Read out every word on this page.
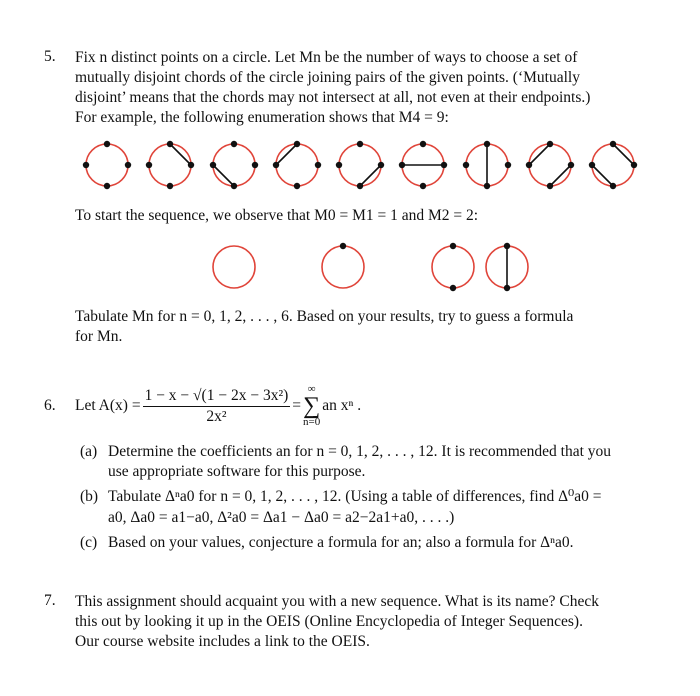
5. Fix n distinct points on a circle. Let Mn be the number of ways to choose a set of
mutually disjoint chords of the circle joining pairs of the given points. (‘Mutually
disjoint’ means that the chords may not intersect at all, not even at their endpoints.)
For example, the following enumeration shows that M4 = 9:
To start the sequence, we observe that M0 = M1 = 1 and M2 = 2:
Tabulate Mn for n = 0, 1, 2, . . . , 6. Based on your results, try to guess a formula
for Mn.
6. Let $A(x) = \frac{\text{1 − x − √(1 − 2x − 3x²)}}{\text{2x²}}$ =
∞
∑
n=0
an xⁿ .
(a) Determine the coefficients an for n = 0, 1, 2, . . . , 12. It is recommended that you
use appropriate software for this purpose.
(b) Tabulate Δⁿa0 for n = 0, 1, 2, . . . , 12. (Using a table of differences, find Δ⁰a0 =
a0, Δa0 = a1−a0, Δ²a0 = Δa1 − Δa0 = a2−2a1+a0, . . . .)
(c) Based on your values, conjecture a formula for an; also a formula for Δⁿa0.
7. This assignment should acquaint you with a new sequence. What is its name? Check
this out by looking it up in the OEIS (Online Encyclopedia of Integer Sequences).
Our course website includes a link to the OEIS.
